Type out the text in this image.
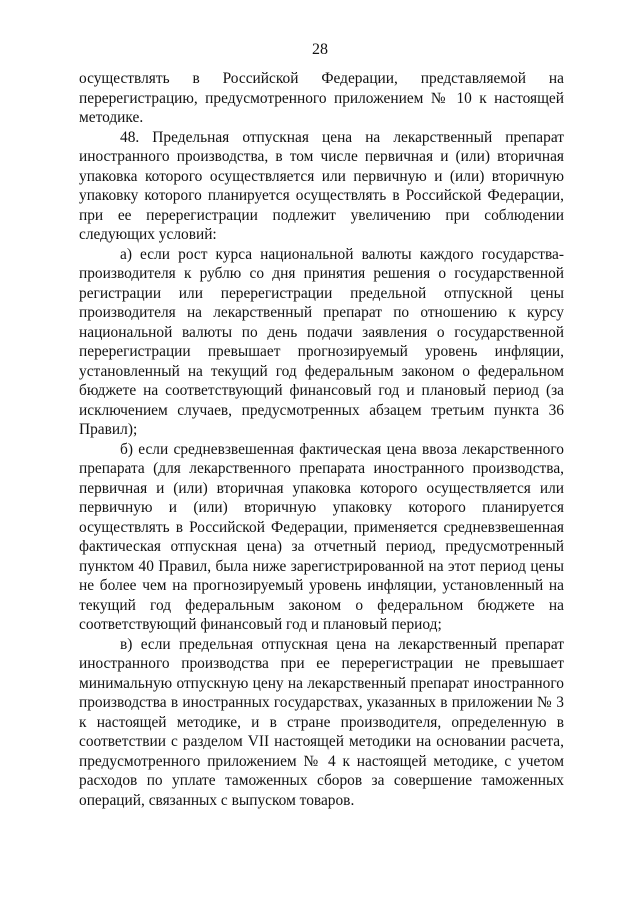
28

осуществлять в Российской Федерации, представляемой на перерегистрацию, предусмотренного приложением № 10 к настоящей методике.

48. Предельная отпускная цена на лекарственный препарат иностранного производства, в том числе первичная и (или) вторичная упаковка которого осуществляется или первичную и (или) вторичную упаковку которого планируется осуществлять в Российской Федерации, при ее перерегистрации подлежит увеличению при соблюдении следующих условий:

а) если рост курса национальной валюты каждого государства-производителя к рублю со дня принятия решения о государственной регистрации или перерегистрации предельной отпускной цены производителя на лекарственный препарат по отношению к курсу национальной валюты по день подачи заявления о государственной перерегистрации превышает прогнозируемый уровень инфляции, установленный на текущий год федеральным законом о федеральном бюджете на соответствующий финансовый год и плановый период (за исключением случаев, предусмотренных абзацем третьим пункта 36 Правил);

б) если средневзвешенная фактическая цена ввоза лекарственного препарата (для лекарственного препарата иностранного производства, первичная и (или) вторичная упаковка которого осуществляется или первичную и (или) вторичную упаковку которого планируется осуществлять в Российской Федерации, применяется средневзвешенная фактическая отпускная цена) за отчетный период, предусмотренный пунктом 40 Правил, была ниже зарегистрированной на этот период цены не более чем на прогнозируемый уровень инфляции, установленный на текущий год федеральным законом о федеральном бюджете на соответствующий финансовый год и плановый период;

в) если предельная отпускная цена на лекарственный препарат иностранного производства при ее перерегистрации не превышает минимальную отпускную цену на лекарственный препарат иностранного производства в иностранных государствах, указанных в приложении № 3 к настоящей методике, и в стране производителя, определенную в соответствии с разделом VII настоящей методики на основании расчета, предусмотренного приложением № 4 к настоящей методике, с учетом расходов по уплате таможенных сборов за совершение таможенных операций, связанных с выпуском товаров.
